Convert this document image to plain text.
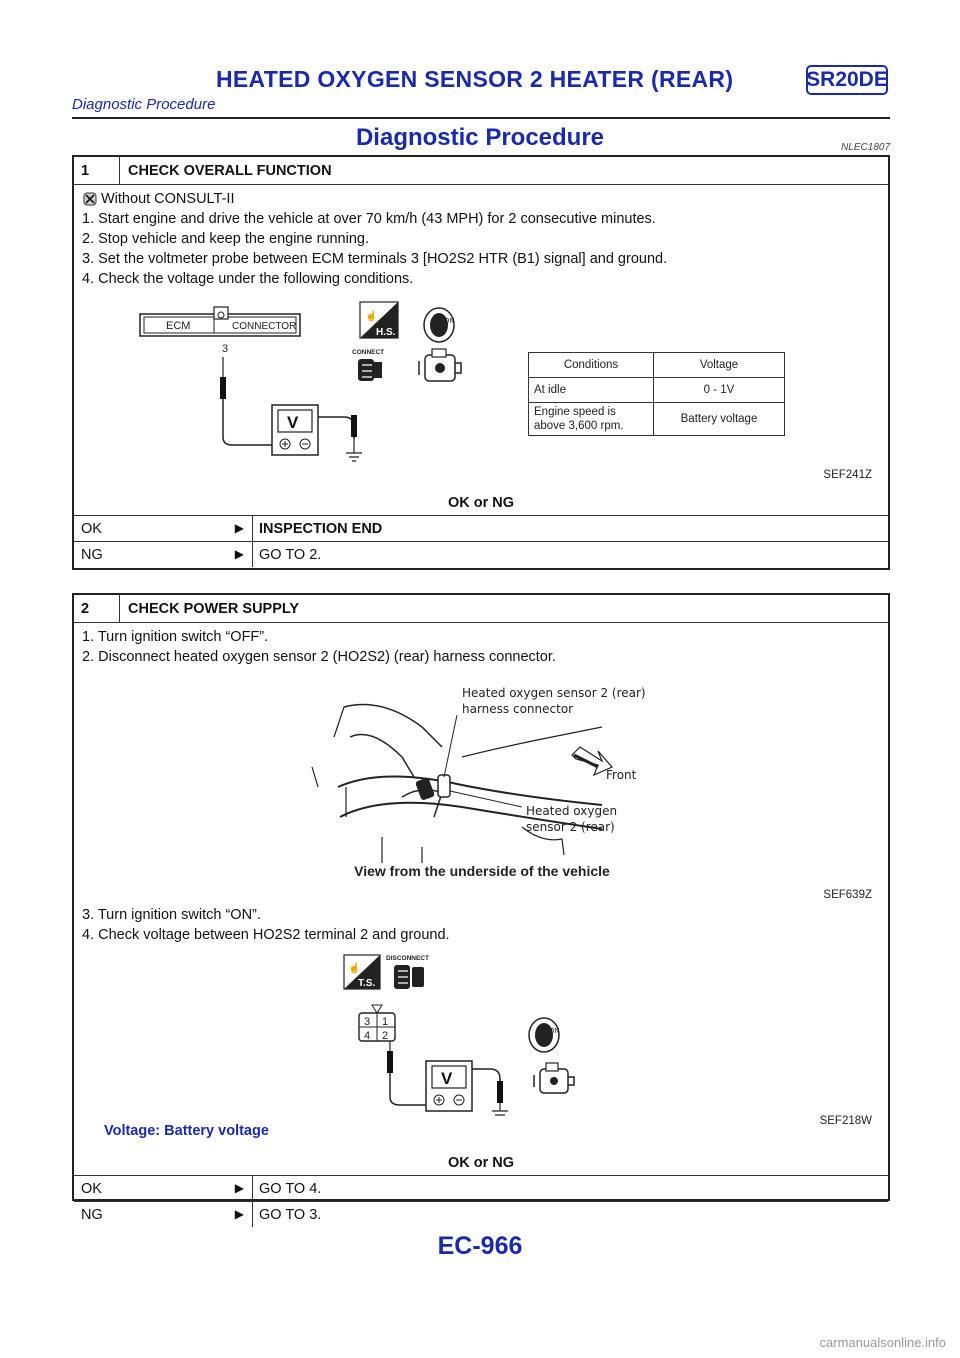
HEATED OXYGEN SENSOR 2 HEATER (REAR)	SR20DE
Diagnostic Procedure
Diagnostic Procedure	NLEC1807
1	CHECK OVERALL FUNCTION
Without CONSULT-II
1. Start engine and drive the vehicle at over 70 km/h (43 MPH) for 2 consecutive minutes.
2. Stop vehicle and keep the engine running.
3. Set the voltmeter probe between ECM terminals 3 [HO2S2 HTR (B1) signal] and ground.
4. Check the voltage under the following conditions.
ECM	CONNECTOR
3
V
☝
H.S.
CONNECT
ON
Conditions	Voltage
At idle	0 - 1V
Engine speed is above 3,600 rpm.	Battery voltage
SEF241Z
OK or NG
OK	▶	INSPECTION END
NG	▶	GO TO 2.
2	CHECK POWER SUPPLY
1. Turn ignition switch “OFF”.
2. Disconnect heated oxygen sensor 2 (HO2S2) (rear) harness connector.
Heated oxygen sensor 2 (rear)
harness connector
Front
Heated oxygen
sensor 2 (rear)
View from the underside of the vehicle
SEF639Z
3. Turn ignition switch “ON”.
4. Check voltage between HO2S2 terminal 2 and ground.
☝
T.S.
DISCONNECT
3 1
4 2
V
ON
SEF218W
Voltage: Battery voltage
OK or NG
OK	▶	GO TO 4.
NG	▶	GO TO 3.
EC-966
carmanualsonline.info
